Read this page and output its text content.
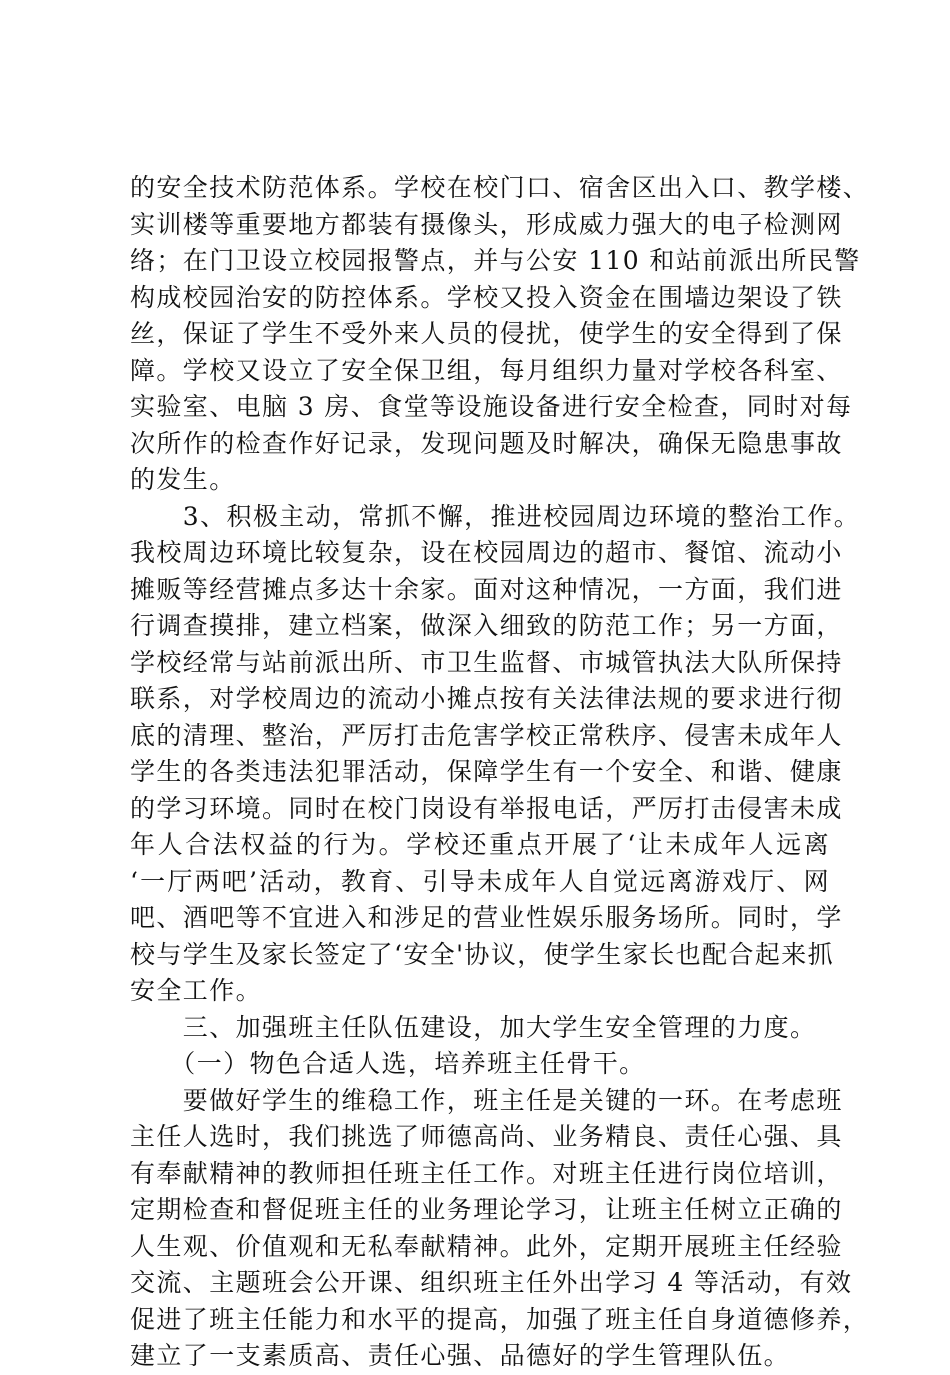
的安全技术防范体系。学校在校门口、宿舍区出入口、教学楼、
实训楼等重要地方都装有摄像头，形成威力强大的电子检测网
络；在门卫设立校园报警点，并与公安 110 和站前派出所民警
构成校园治安的防控体系。学校又投入资金在围墙边架设了铁
丝，保证了学生不受外来人员的侵扰，使学生的安全得到了保
障。学校又设立了安全保卫组，每月组织力量对学校各科室、
实验室、电脑 3 房、食堂等设施设备进行安全检查，同时对每
次所作的检查作好记录，发现问题及时解决，确保无隐患事故
的发生。
　　3、积极主动，常抓不懈，推进校园周边环境的整治工作。
我校周边环境比较复杂，设在校园周边的超市、餐馆、流动小
摊贩等经营摊点多达十余家。面对这种情况，一方面，我们进
行调查摸排，建立档案，做深入细致的防范工作；另一方面，
学校经常与站前派出所、市卫生监督、市城管执法大队所保持
联系，对学校周边的流动小摊点按有关法律法规的要求进行彻
底的清理、整治，严厉打击危害学校正常秩序、侵害未成年人
学生的各类违法犯罪活动，保障学生有一个安全、和谐、健康
的学习环境。同时在校门岗设有举报电话，严厉打击侵害未成
年人合法权益的行为。学校还重点开展了‘让未成年人远离
‘一厅两吧’活动，教育、引导未成年人自觉远离游戏厅、网
吧、酒吧等不宜进入和涉足的营业性娱乐服务场所。同时，学
校与学生及家长签定了‘安全'协议，使学生家长也配合起来抓
安全工作。
　　三、加强班主任队伍建设，加大学生安全管理的力度。
　　（一）物色合适人选，培养班主任骨干。
　　要做好学生的维稳工作，班主任是关键的一环。在考虑班
主任人选时，我们挑选了师德高尚、业务精良、责任心强、具
有奉献精神的教师担任班主任工作。对班主任进行岗位培训，
定期检查和督促班主任的业务理论学习，让班主任树立正确的
人生观、价值观和无私奉献精神。此外，定期开展班主任经验
交流、主题班会公开课、组织班主任外出学习 4 等活动，有效
促进了班主任能力和水平的提高，加强了班主任自身道德修养，
建立了一支素质高、责任心强、品德好的学生管理队伍。
